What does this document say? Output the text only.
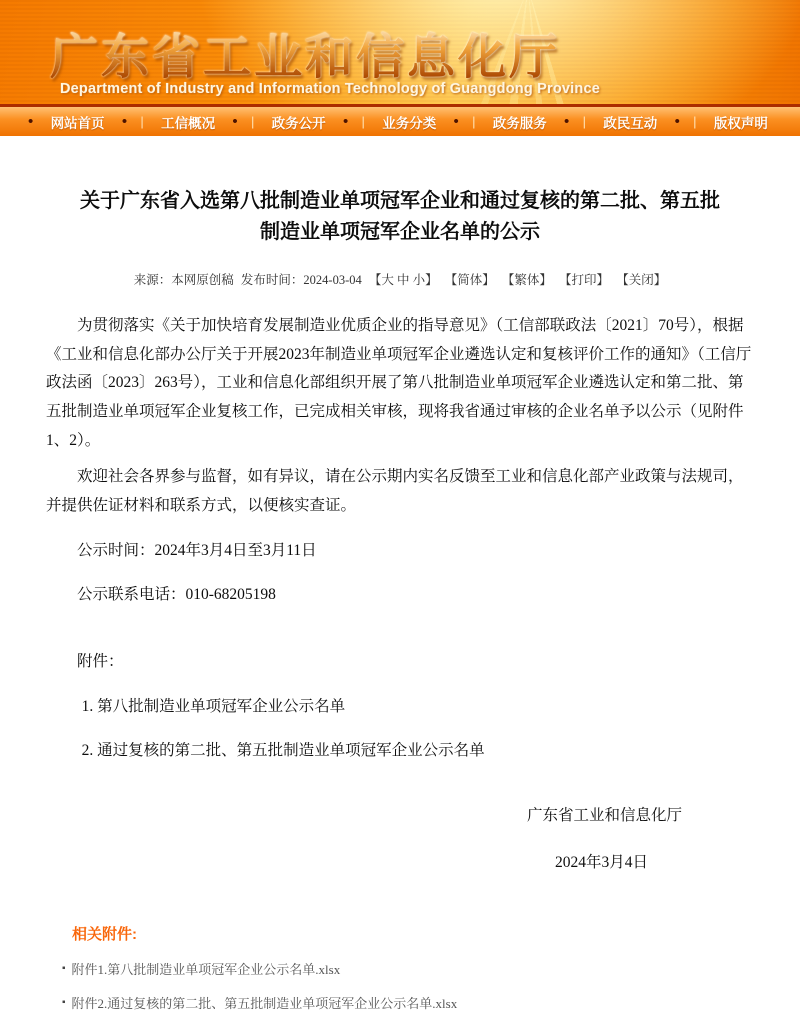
广东省工业和信息化厅
Department of Industry and Information Technology of Guangdong Province
• 网站首页 • | 工信概况 • | 政务公开 • | 业务分类 • | 政务服务 • | 政民互动 • | 版权声明
关于广东省入选第八批制造业单项冠军企业和通过复核的第二批、第五批制造业单项冠军企业名单的公示
来源：本网原创稿 发布时间：2024-03-04 【大 中 小】 【简体】 【繁体】 【打印】 【关闭】

为贯彻落实《关于加快培育发展制造业优质企业的指导意见》（工信部联政法〔2021〕70号），根据《工业和信息化部办公厅关于开展2023年制造业单项冠军企业遴选认定和复核评价工作的通知》（工信厅政法函〔2023〕263号），工业和信息化部组织开展了第八批制造业单项冠军企业遴选认定和第二批、第五批制造业单项冠军企业复核工作，已完成相关审核，现将我省通过审核的企业名单予以公示（见附件1、2）。

欢迎社会各界参与监督，如有异议，请在公示期内实名反馈至工业和信息化部产业政策与法规司，并提供佐证材料和联系方式，以便核实查证。

公示时间：2024年3月4日至3月11日

公示联系电话：010-68205198

附件：

1. 第八批制造业单项冠军企业公示名单

2. 通过复核的第二批、第五批制造业单项冠军企业公示名单

广东省工业和信息化厅
2024年3月4日
相关附件:
▪ 附件1.第八批制造业单项冠军企业公示名单.xlsx
▪ 附件2.通过复核的第二批、第五批制造业单项冠军企业公示名单.xlsx
